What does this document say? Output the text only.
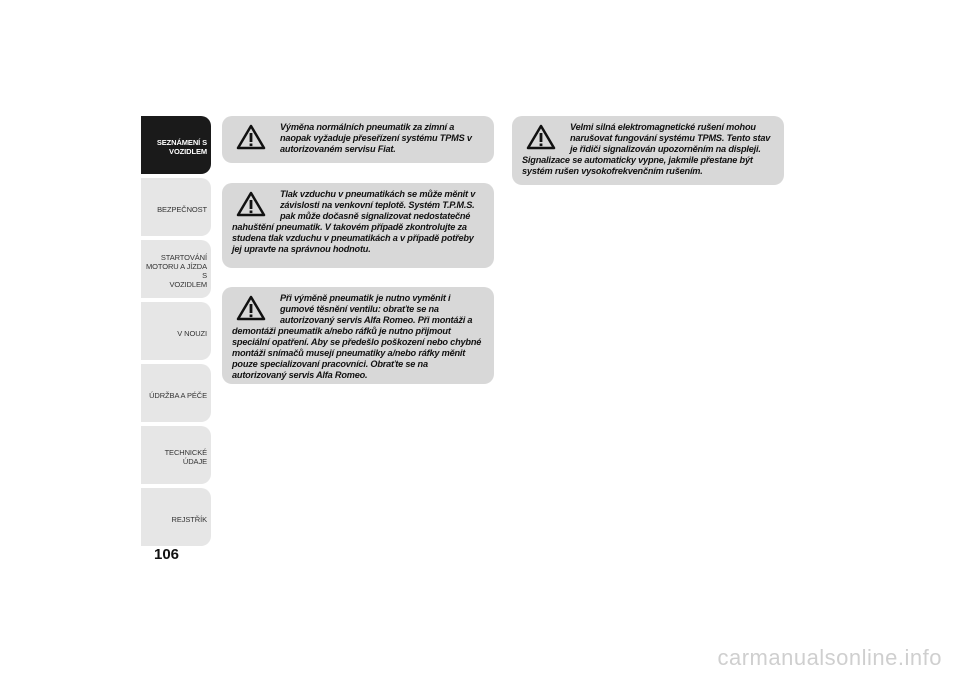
SEZNÁMENÍ S
VOZIDLEM
BEZPEČNOST
STARTOVÁNÍ
MOTORU A JÍZDA S
VOZIDLEM
V NOUZI
ÚDRŽBA A PÉČE
TECHNICKÉ ÚDAJE
REJSTŘÍK
106

Výměna normálních pneumatik za zimní a naopak vyžaduje přeseřízení systému TPMS v autorizovaném servisu Fiat.

Tlak vzduchu v pneumatikách se může měnit v závislosti na venkovní teplotě. Systém T.P.M.S. pak může dočasně signalizovat nedostatečné nahuštění pneumatik. V takovém případě zkontrolujte za studena tlak vzduchu v pneumatikách a v případě potřeby jej upravte na správnou hodnotu.

Při výměně pneumatik je nutno vyměnit i gumové těsnění ventilu: obraťte se na autorizovaný servis Alfa Romeo. Při montáži a demontáži pneumatik a/nebo ráfků je nutno přijmout speciální opatření. Aby se předešlo poškození nebo chybné montáži snímačů musejí pneumatiky a/nebo ráfky měnit pouze specializovaní pracovníci. Obraťte se na autorizovaný servis Alfa Romeo.

Velmi silná elektromagnetické rušení mohou narušovat fungování systému TPMS. Tento stav je řidiči signalizován upozorněním na displeji. Signalizace se automaticky vypne, jakmile přestane být systém rušen vysokofrekvenčním rušením.

carmanualsonline.info
